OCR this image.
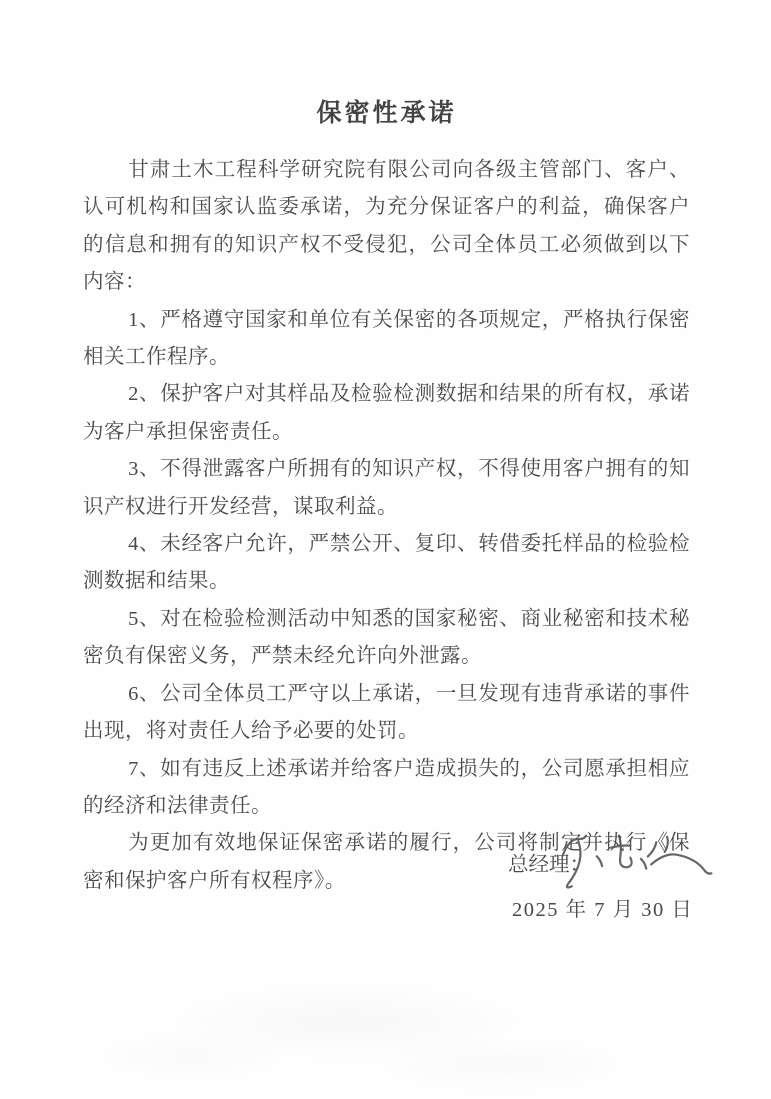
保密性承诺

甘肃土木工程科学研究院有限公司向各级主管部门、客户、认可机构和国家认监委承诺，为充分保证客户的利益，确保客户的信息和拥有的知识产权不受侵犯，公司全体员工必须做到以下内容：

1、严格遵守国家和单位有关保密的各项规定，严格执行保密相关工作程序。

2、保护客户对其样品及检验检测数据和结果的所有权，承诺为客户承担保密责任。

3、不得泄露客户所拥有的知识产权，不得使用客户拥有的知识产权进行开发经营，谋取利益。

4、未经客户允许，严禁公开、复印、转借委托样品的检验检测数据和结果。

5、对在检验检测活动中知悉的国家秘密、商业秘密和技术秘密负有保密义务，严禁未经允许向外泄露。

6、公司全体员工严守以上承诺，一旦发现有违背承诺的事件出现，将对责任人给予必要的处罚。

7、如有违反上述承诺并给客户造成损失的，公司愿承担相应的经济和法律责任。

为更加有效地保证保密承诺的履行，公司将制定并执行《保密和保护客户所有权程序》。

总经理：
2025 年 7 月 30 日
